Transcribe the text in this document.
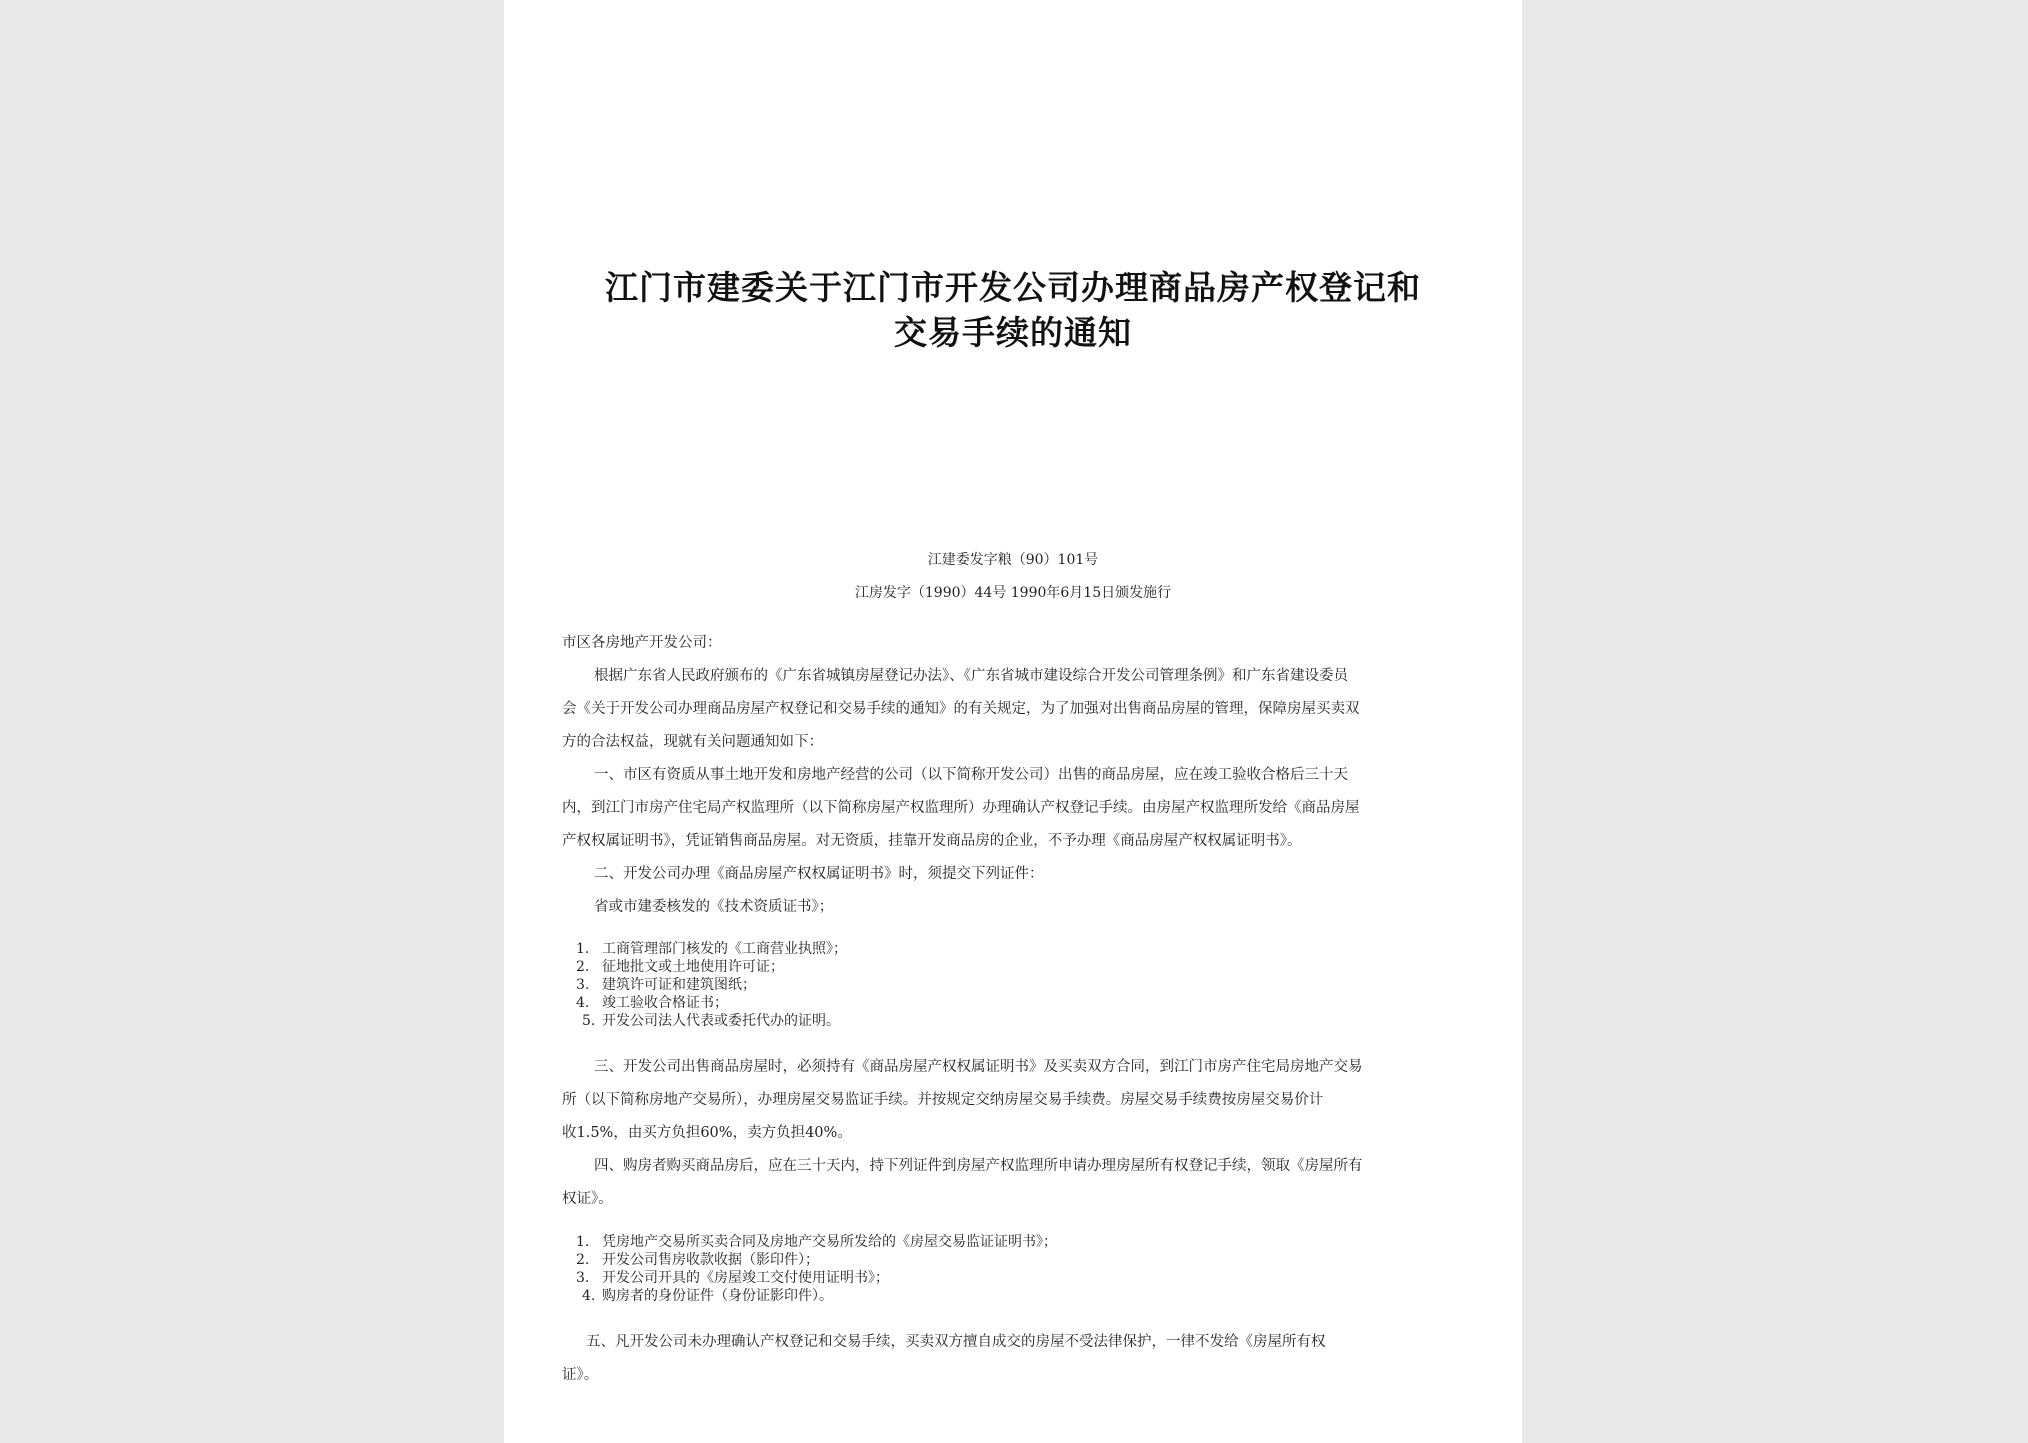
江门市建委关于江门市开发公司办理商品房产权登记和
交易手续的通知
江建委发字粮（90）101号
江房发字（1990）44号 1990年6月15日颁发施行
市区各房地产开发公司：
根据广东省人民政府颁布的《广东省城镇房屋登记办法》、《广东省城市建设综合开发公司管理条例》和广东省建设委员
会《关于开发公司办理商品房屋产权登记和交易手续的通知》的有关规定，为了加强对出售商品房屋的管理，保障房屋买卖双
方的合法权益，现就有关问题通知如下：
一、市区有资质从事土地开发和房地产经营的公司（以下简称开发公司）出售的商品房屋，应在竣工验收合格后三十天
内，到江门市房产住宅局产权监理所（以下简称房屋产权监理所）办理确认产权登记手续。由房屋产权监理所发给《商品房屋
产权权属证明书》，凭证销售商品房屋。对无资质，挂靠开发商品房的企业，不予办理《商品房屋产权权属证明书》。
二、开发公司办理《商品房屋产权权属证明书》时，须提交下列证件：
省或市建委核发的《技术资质证书》；
1. 工商管理部门核发的《工商营业执照》；
2. 征地批文或土地使用许可证；
3. 建筑许可证和建筑图纸；
4. 竣工验收合格证书；
5. 开发公司法人代表或委托代办的证明。
三、开发公司出售商品房屋时，必须持有《商品房屋产权权属证明书》及买卖双方合同，到江门市房产住宅局房地产交易
所（以下简称房地产交易所），办理房屋交易监证手续。并按规定交纳房屋交易手续费。房屋交易手续费按房屋交易价计
收1.5%，由买方负担60%，卖方负担40%。
四、购房者购买商品房后，应在三十天内，持下列证件到房屋产权监理所申请办理房屋所有权登记手续，领取《房屋所有
权证》。
1. 凭房地产交易所买卖合同及房地产交易所发给的《房屋交易监证证明书》；
2. 开发公司售房收款收据（影印件）；
3. 开发公司开具的《房屋竣工交付使用证明书》；
4. 购房者的身份证件（身份证影印件）。
五、凡开发公司未办理确认产权登记和交易手续，买卖双方擅自成交的房屋不受法律保护，一律不发给《房屋所有权
证》。
